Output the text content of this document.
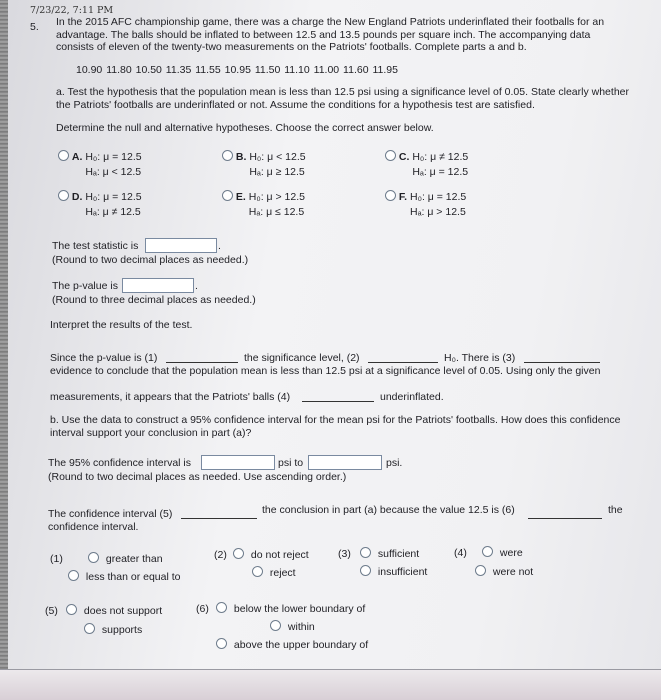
7/23/22, 7:11 PM
5. In the 2015 AFC championship game, there was a charge the New England Patriots underinflated their footballs for an
advantage. The balls should be inflated to between 12.5 and 13.5 pounds per square inch. The accompanying data
consists of eleven of the twenty-two measurements on the Patriots' footballs. Complete parts a and b.
10.90 11.80 10.50 11.35 11.55 10.95 11.50 11.10 11.00 11.60 11.95
a. Test the hypothesis that the population mean is less than 12.5 psi using a significance level of 0.05. State clearly whether
the Patriots' footballs are underinflated or not. Assume the conditions for a hypothesis test are satisfied.
Determine the null and alternative hypotheses. Choose the correct answer below.
A. H₀: μ = 12.5
Hₐ: μ < 12.5
B. H₀: μ < 12.5
Hₐ: μ ≥ 12.5
C. H₀: μ ≠ 12.5
Hₐ: μ = 12.5
D. H₀: μ = 12.5
Hₐ: μ ≠ 12.5
E. H₀: μ > 12.5
Hₐ: μ ≤ 12.5
F. H₀: μ = 12.5
Hₐ: μ > 12.5
The test statistic is	.
(Round to two decimal places as needed.)
The p-value is	.
(Round to three decimal places as needed.)
Interpret the results of the test.
Since the p-value is (1)	the significance level, (2)	H₀. There is (3)
evidence to conclude that the population mean is less than 12.5 psi at a significance level of 0.05. Using only the given
measurements, it appears that the Patriots' balls (4)	underinflated.
b. Use the data to construct a 95% confidence interval for the mean psi for the Patriots' footballs. How does this confidence
interval support your conclusion in part (a)?
The 95% confidence interval is	psi to	psi.
(Round to two decimal places as needed. Use ascending order.)
The confidence interval (5)	the conclusion in part (a) because the value 12.5 is (6)	the
confidence interval.
(1)	greater than
less than or equal to
(2)	do not reject
reject
(3)	sufficient
insufficient
(4)	were
were not
(5)	does not support
supports
(6)	below the lower boundary of
within
above the upper boundary of
